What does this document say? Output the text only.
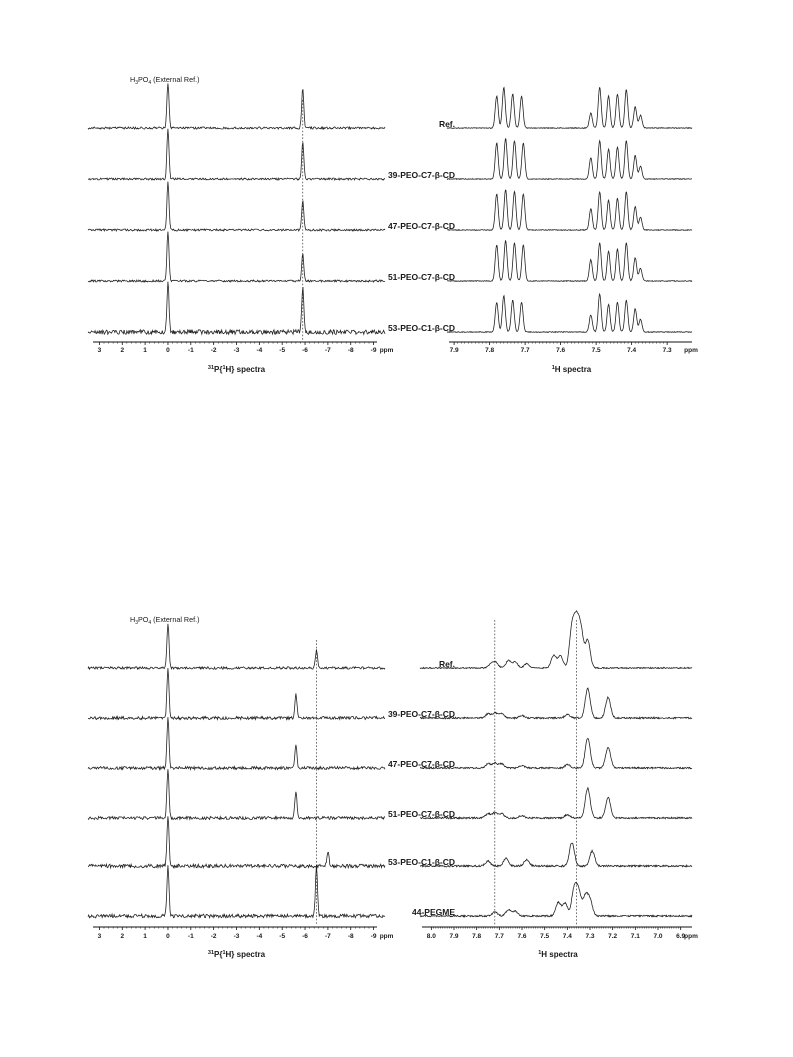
$H_3PO_4$ (External Ref.)
3	2	1	0	-1	-2	-3	-4	-5	-6	-7	-8	-9 ppm
$^{31}$P{$^1$H} spectra
Ref.
39-PEO-C7-β-CD
47-PEO-C7-β-CD
51-PEO-C7-β-CD
53-PEO-C1-β-CD
7.9	7.8	7.7	7.6	7.5	7.4	7.3 ppm
$^1$H spectra
$H_3PO_4$ (External Ref.)
3	2	1	0	-1	-2	-3	-4	-5	-6	-7	-8	-9 ppm
$^{31}$P{$^1$H} spectra
Ref.
39-PEO-C7-β-CD
47-PEO-C7-β-CD
51-PEO-C7-β-CD
53-PEO-C1-β-CD
44-PEGME
8.0 7.9 7.8 7.7 7.6 7.5 7.4 7.3 7.2 7.1 7.0 6.9
ppm
$^1$H spectra
